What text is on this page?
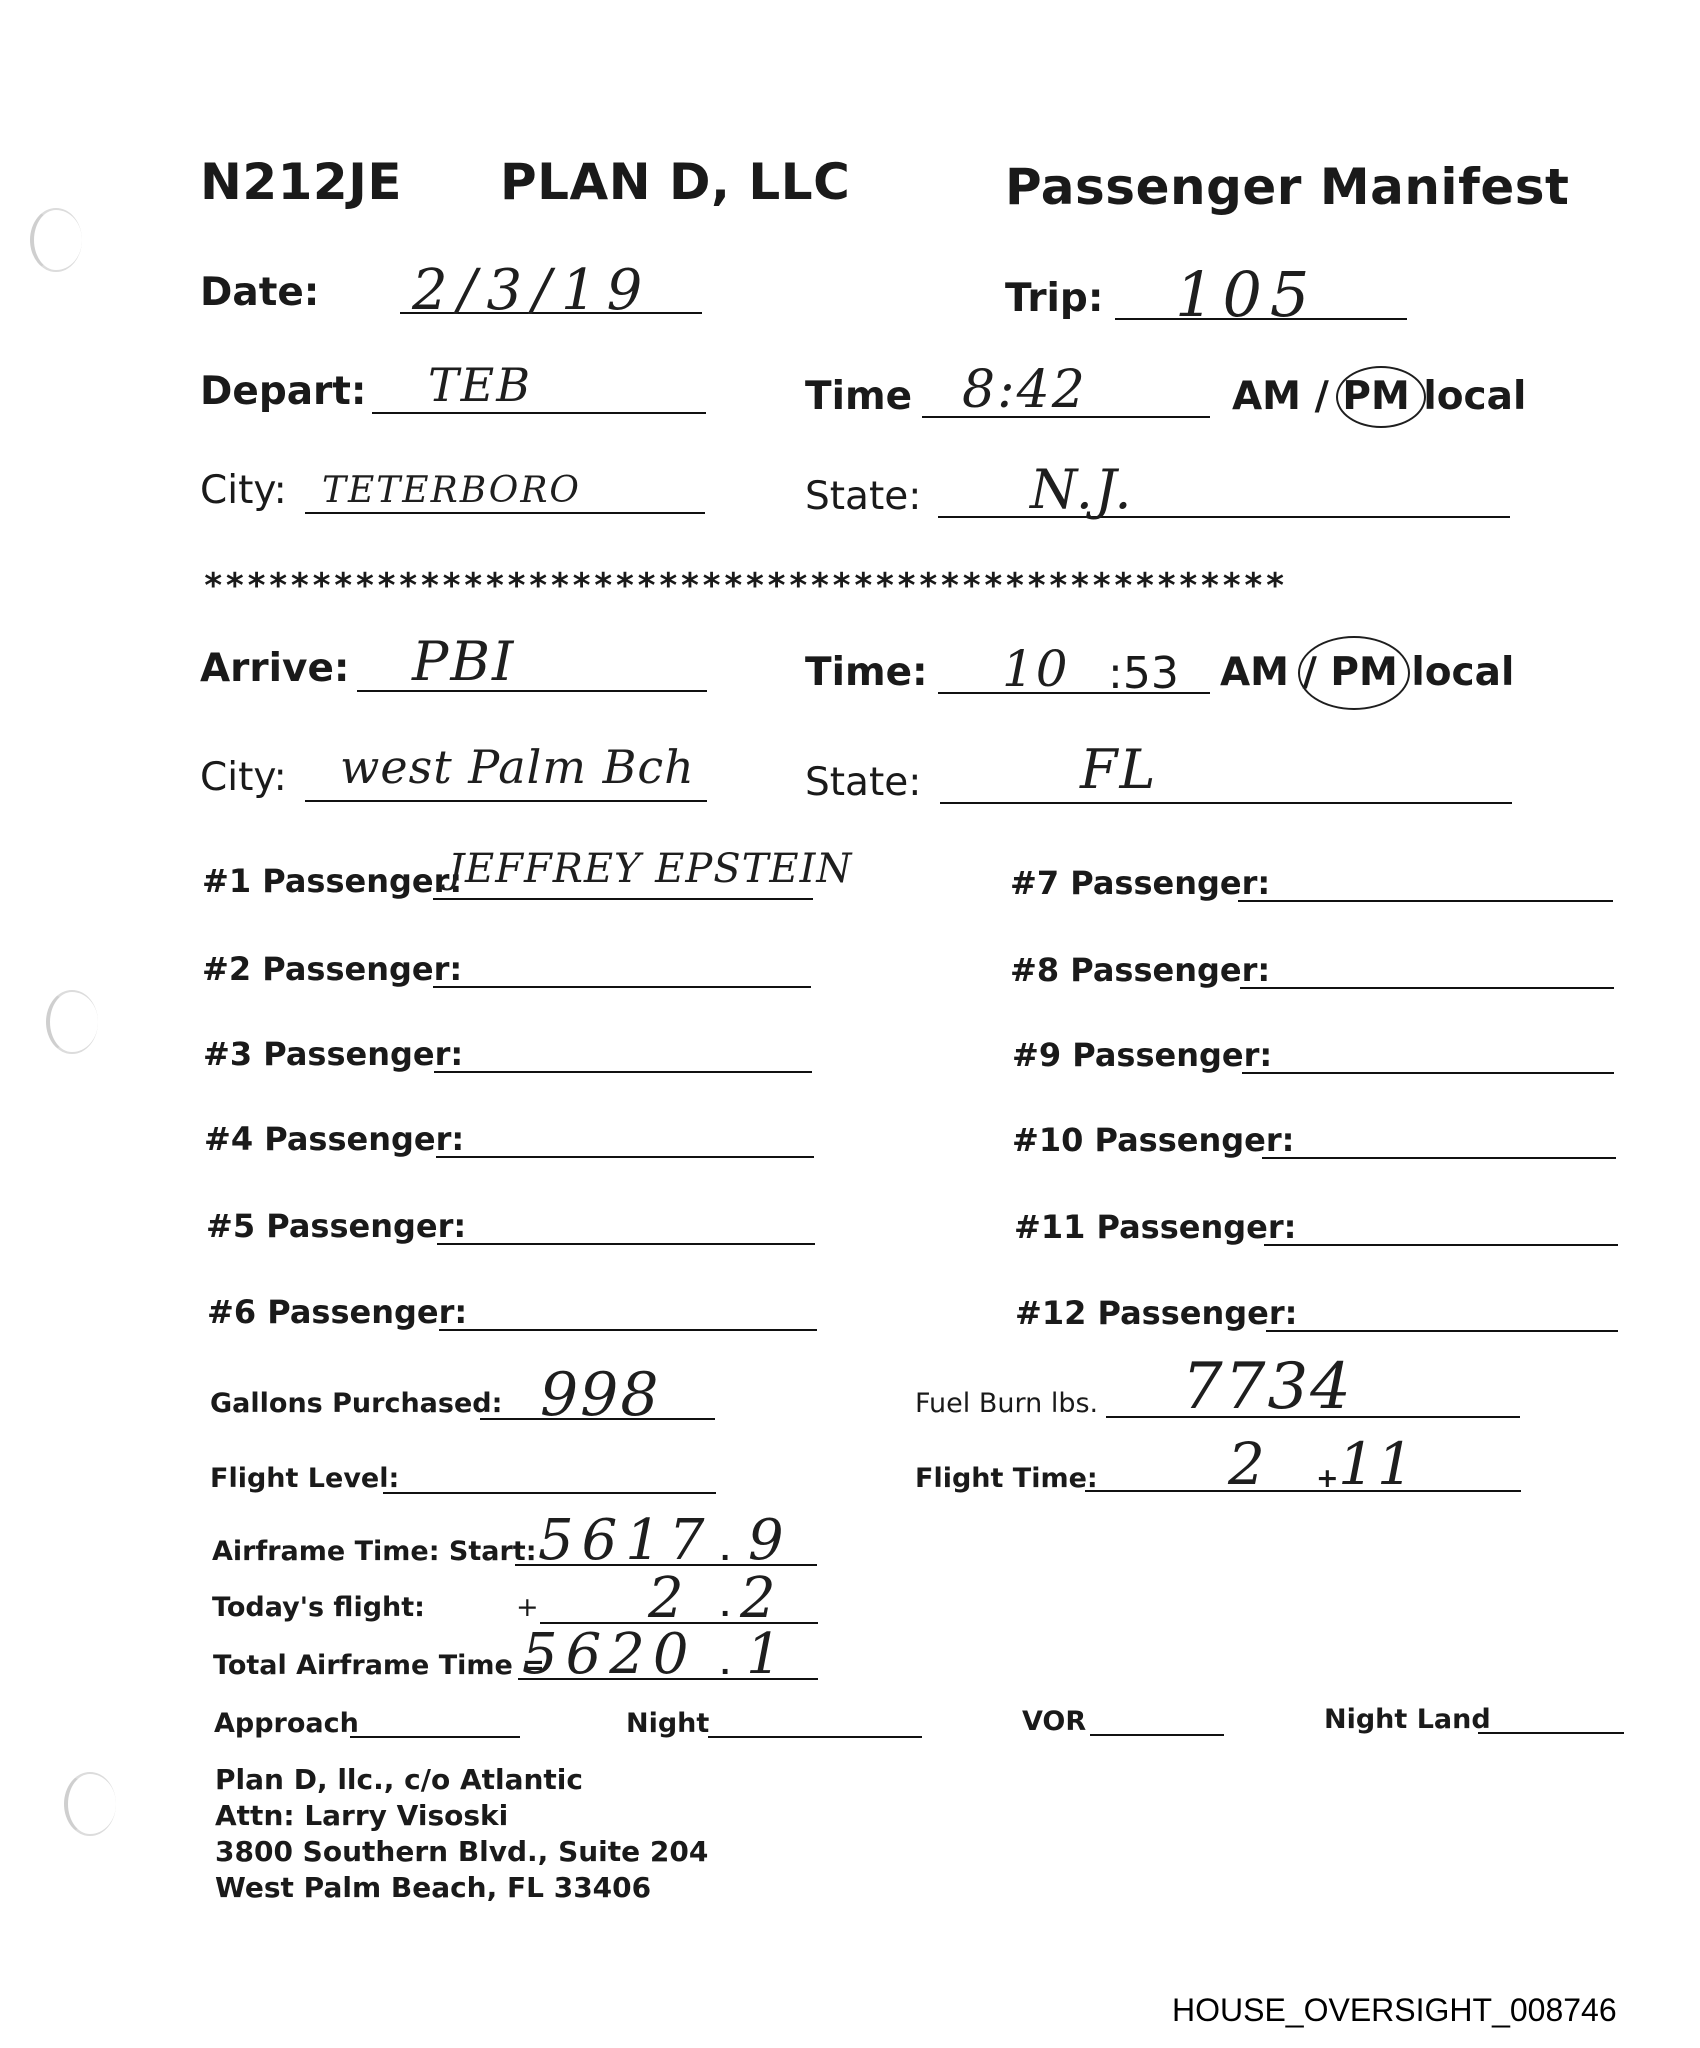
N212JE PLAN D, LLC	Passenger Manifest
Date: 2/3/19	Trip: 105
Depart: TEB	Time 8:42	AM / PM local
City: TETERBORO	State: N.J.
**************************************************
Arrive: PBI	Time: 10 :53 AM / PM local
City: west Palm Bch	State:	FL
#1 Passenger:
JEFFREY EPSTEIN
#2 Passenger:
#3 Passenger:
#4 Passenger:
#5 Passenger:
#6 Passenger:
#7 Passenger:
#8 Passenger:
#9 Passenger:
#10 Passenger:
#11 Passenger:
#12 Passenger:
Gallons Purchased: 998	Fuel Burn lbs. 7734
Flight Level:	Flight Time: 2 + 11
Airframe Time: Start: 5617 . 9
Today's flight:	+ 2 . 2
Total Airframe Time =
5620 . 1
Approach	Night	VOR	Night Land
Plan D, llc., c/o Atlantic
Attn: Larry Visoski
3800 Southern Blvd., Suite 204
West Palm Beach, FL 33406
HOUSE_OVERSIGHT_008746
